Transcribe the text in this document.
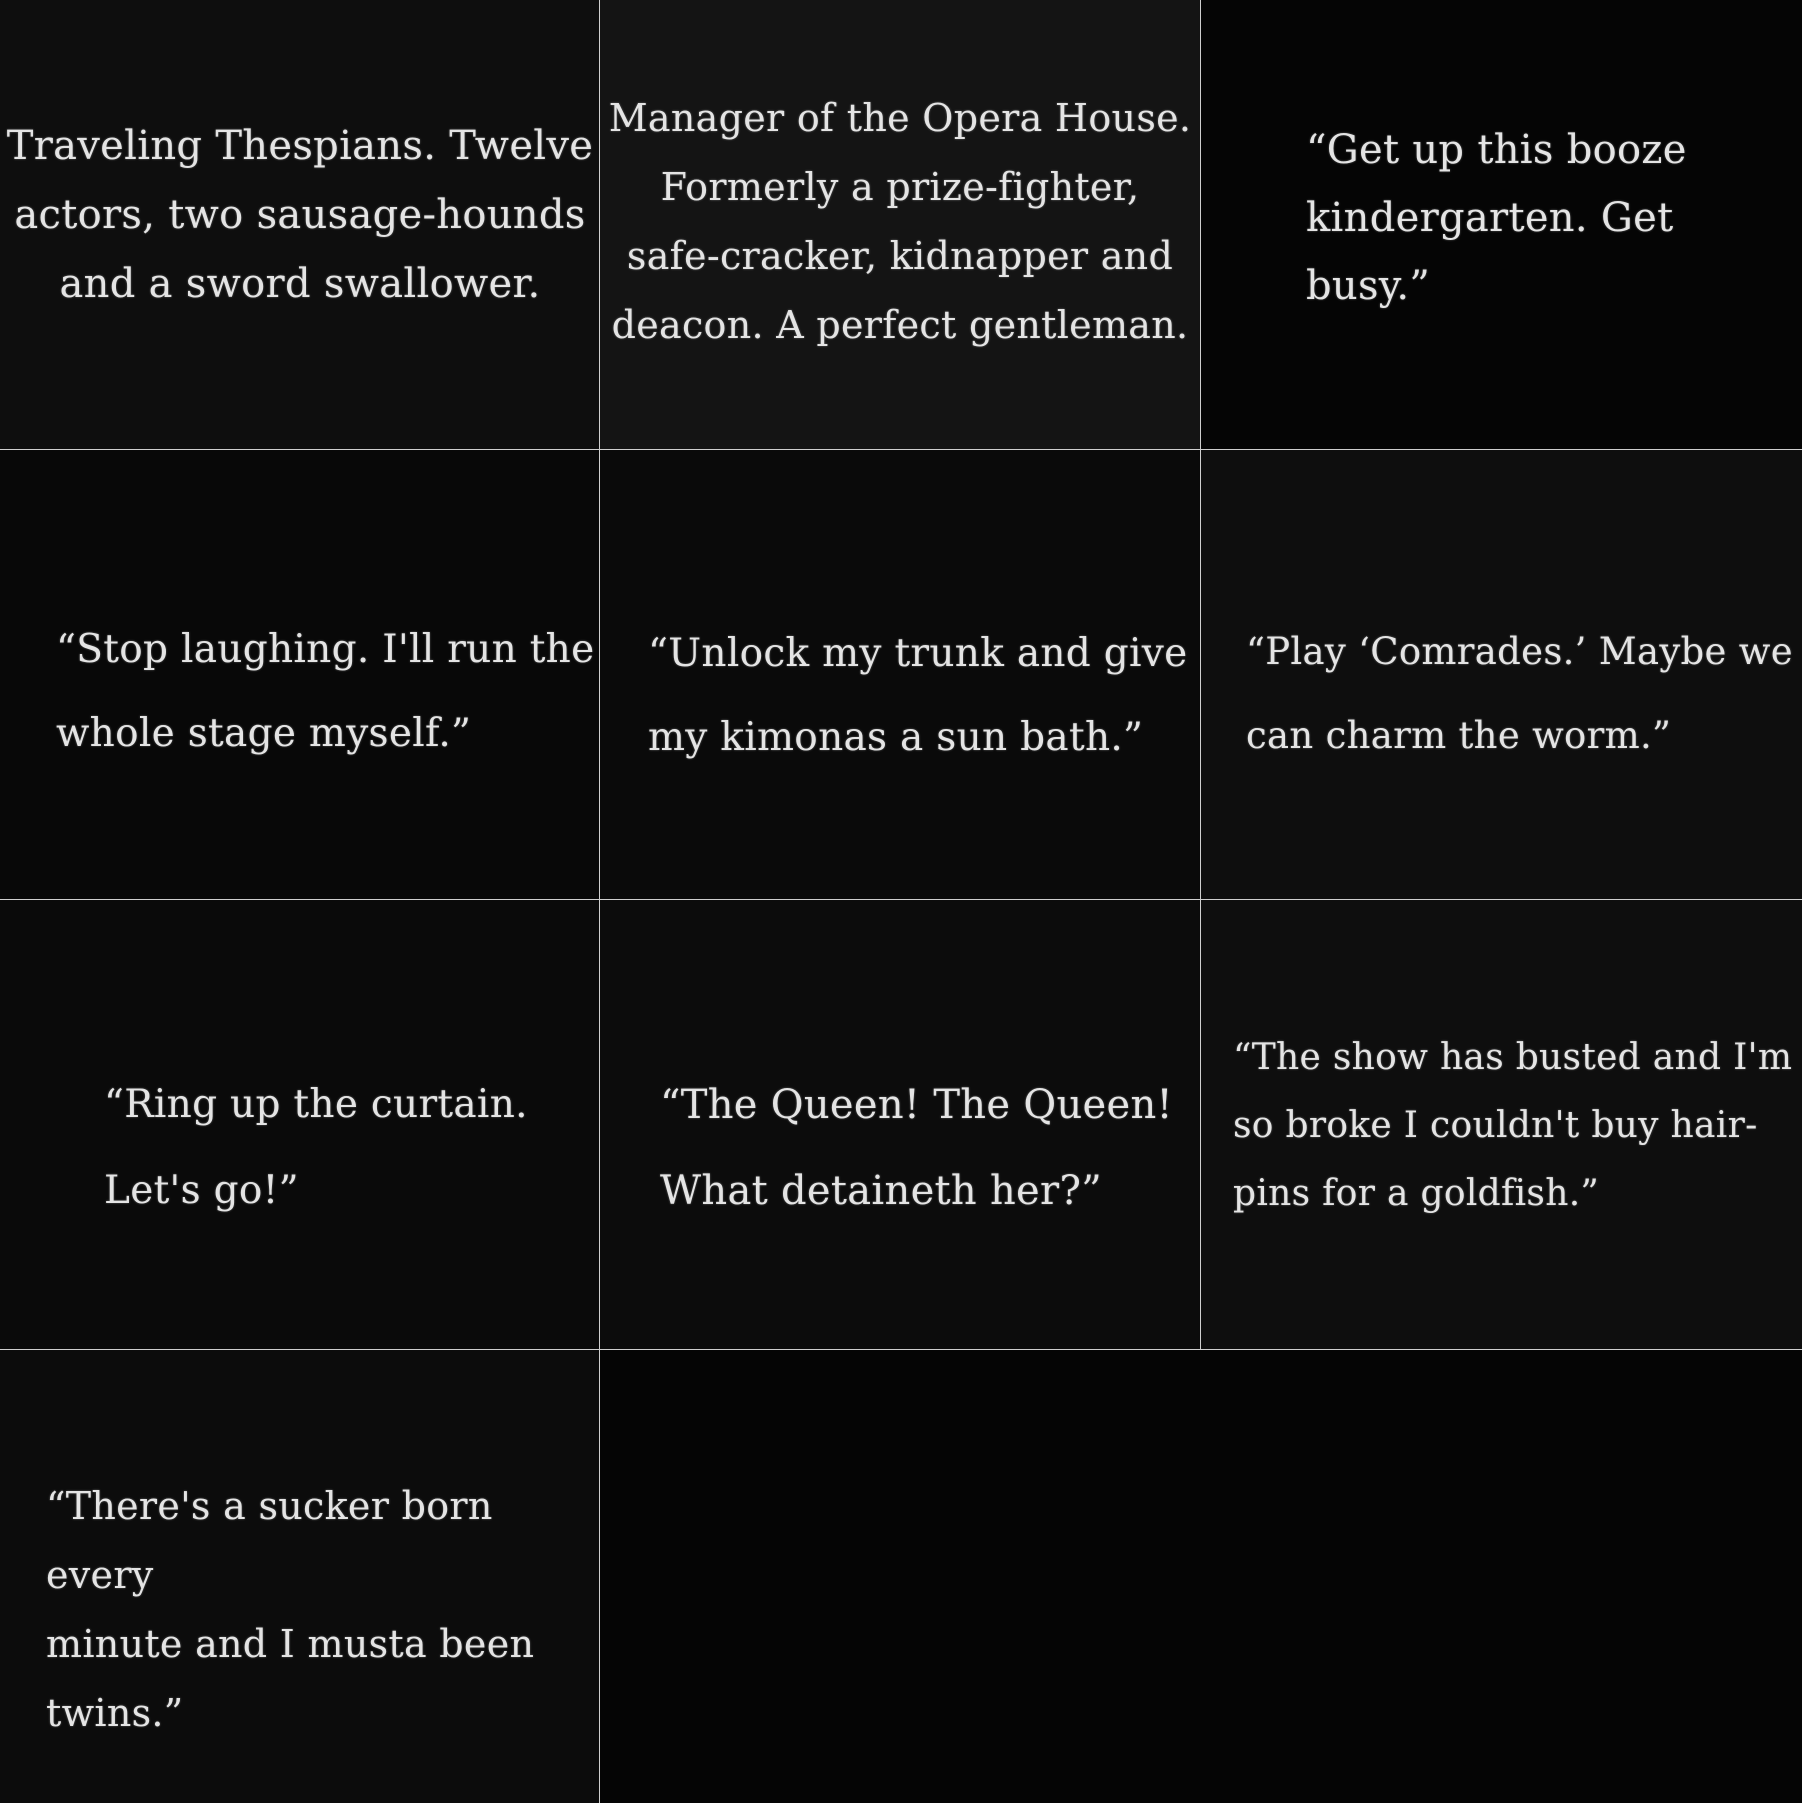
Traveling Thespians. Twelve
actors, two sausage-hounds
and a sword swallower.
Manager of the Opera House.
Formerly a prize-fighter,
safe-cracker, kidnapper and
deacon. A perfect gentleman.
“Get up this booze
kindergarten. Get
busy.”
“Stop laughing. I'll run the
whole stage myself.”
“Unlock my trunk and give
my kimonas a sun bath.”
“Play ‘Comrades.’ Maybe we
can charm the worm.”
“Ring up the curtain.
Let's go!”
“The Queen! The Queen!
What detaineth her?”
“The show has busted and I'm
so broke I couldn't buy hair-
pins for a goldfish.”
“There's a sucker born every
minute and I musta been
twins.”
